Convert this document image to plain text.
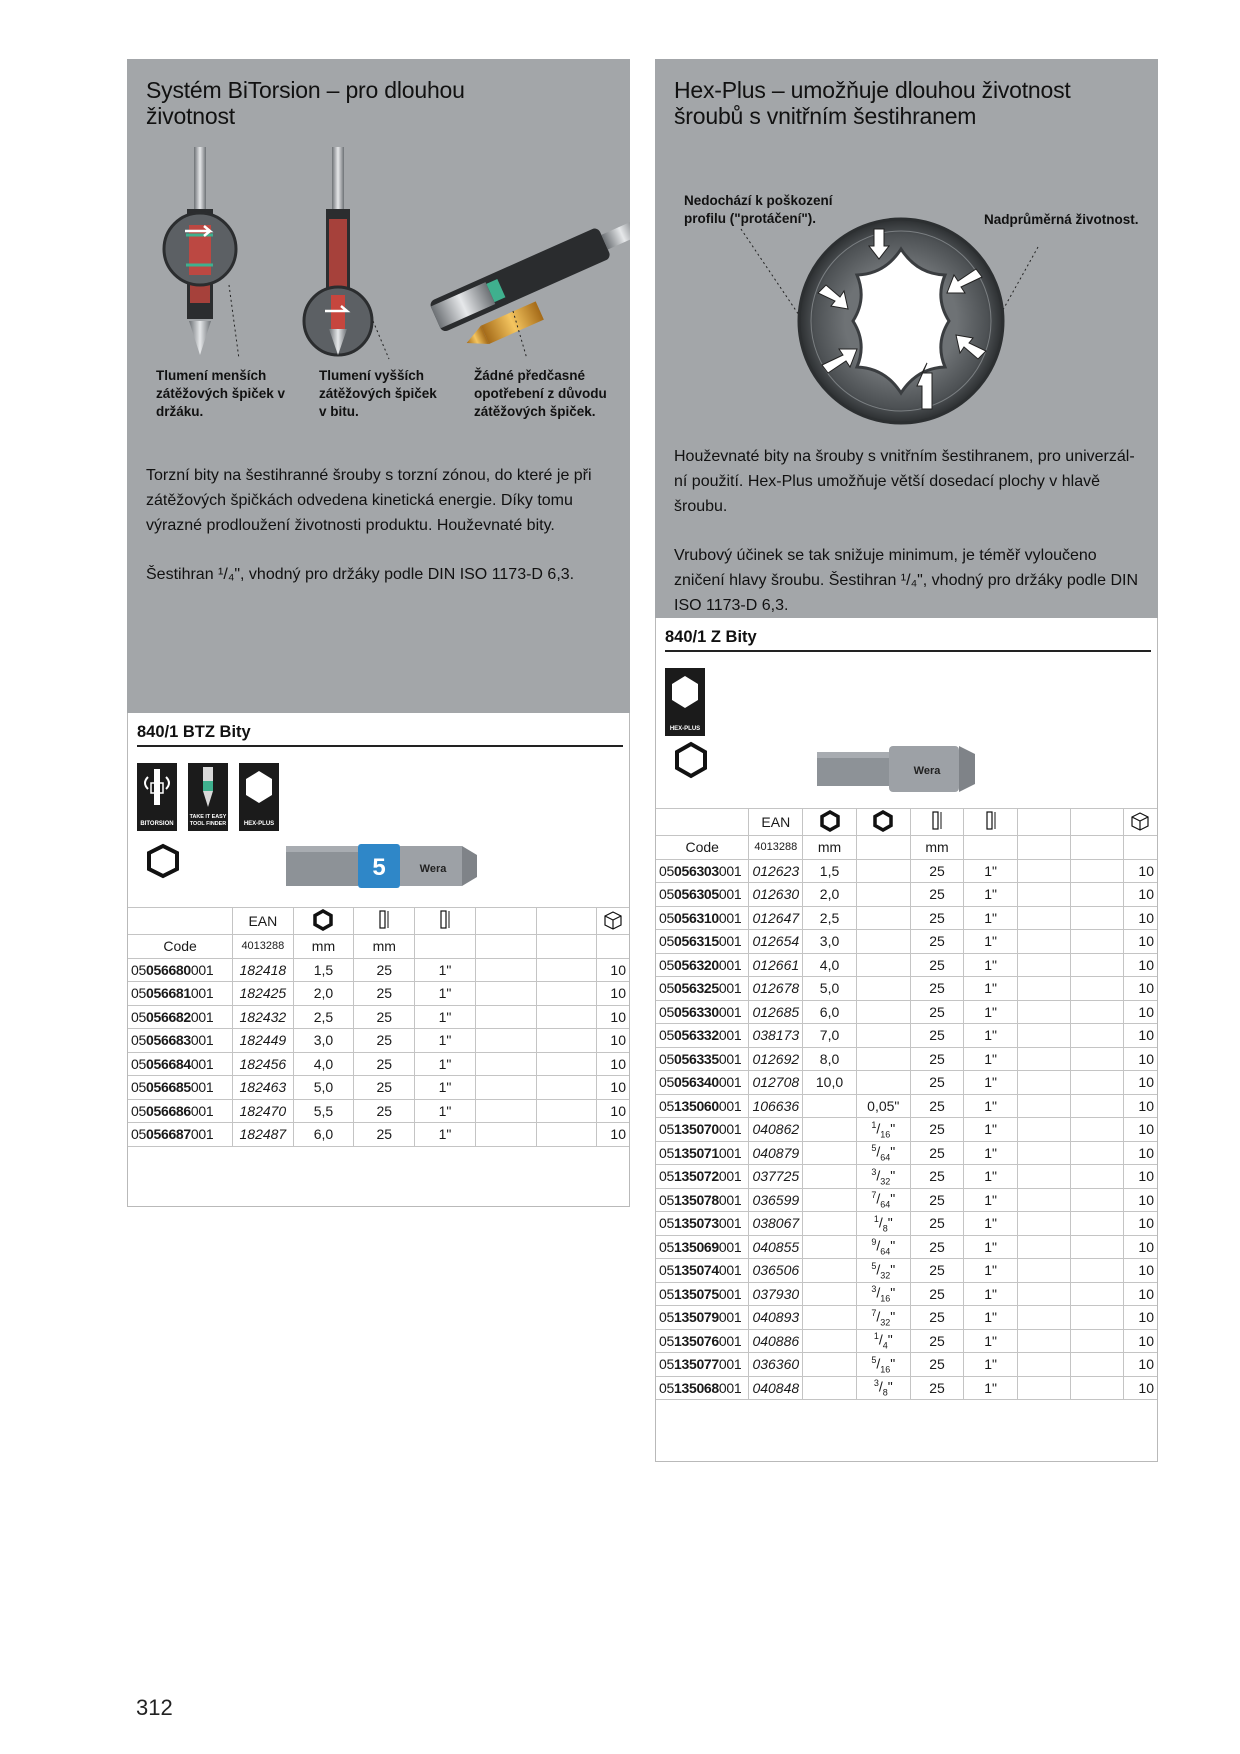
Systém BiTorsion – pro dlouhou
životnost
Tlumení menších
zátěžových špiček v
držáku.
Tlumení vyšších
zátěžových špiček
v bitu.
Žádné předčasné
opotřebení z důvodu
zátěžových špiček.

Torzní bity na šestihranné šrouby s torzní zónou, do které je při zátěžových špičkách odvedena kinetická energie. Díky tomu výrazné prodloužení životnosti produktu. Houževnaté bity.

Šestihran ¹/₄", vhodný pro držáky podle DIN ISO 1173-D 6,3.

840/1 BTZ Bity
BITORSION
TAKE IT EASY TOOL FINDER	HEX-PLUS
5	Wera
	EAN						
Code	4013288	mm	mm				
05056680001	182418	1,5	25	1"			10
05056681001	182425	2,0	25	1"			10
05056682001	182432	2,5	25	1"			10
05056683001	182449	3,0	25	1"			10
05056684001	182456	4,0	25	1"			10
05056685001	182463	5,0	25	1"			10
05056686001	182470	5,5	25	1"			10
05056687001	182487	6,0	25	1"			10

Hex-Plus – umožňuje dlouhou životnost
šroubů s vnitřním šestihranem
Nedochází k poškození
profilu ("protáčení").	Nadprůměrná životnost.

Houževnaté bity na šrouby s vnitřním šestihranem, pro univerzál-ní použití. Hex-Plus umožňuje větší dosedací plochy v hlavě šroubu.

Vrubový účinek se tak snižuje minimum, je téměř vyloučeno zničení hlavy šroubu. Šestihran ¹/₄", vhodný pro držáky podle DIN ISO 1173-D 6,3.

840/1 Z Bity
HEX-PLUS
Wera
	EAN							
Code	4013288	mm		mm				
05056303001	012623	1,5		25	1"			10
05056305001	012630	2,0		25	1"			10
05056310001	012647	2,5		25	1"			10
05056315001	012654	3,0		25	1"			10
05056320001	012661	4,0		25	1"			10
05056325001	012678	5,0		25	1"			10
05056330001	012685	6,0		25	1"			10
05056332001	038173	7,0		25	1"			10
05056335001	012692	8,0		25	1"			10
05056340001	012708	10,0		25	1"			10
05135060001	106636		0,05"	25	1"			10
05135070001	040862		$^1/_{16}$"	25	1"			10
05135071001	040879		$^5/_{64}$"	25	1"			10
05135072001	037725		$^3/_{32}$"	25	1"			10
05135078001	036599		$^7/_{64}$"	25	1"			10
05135073001	038067		$^1/_8$"	25	1"			10
05135069001	040855		$^9/_{64}$"	25	1"			10
05135074001	036506		$^5/_{32}$"	25	1"			10
05135075001	037930		$^3/_{16}$"	25	1"			10
05135079001	040893		$^7/_{32}$"	25	1"			10
05135076001	040886		$^1/_4$"	25	1"			10
05135077001	036360		$^5/_{16}$"	25	1"			10
05135068001	040848		$^3/_8$"	25	1"			10

312
